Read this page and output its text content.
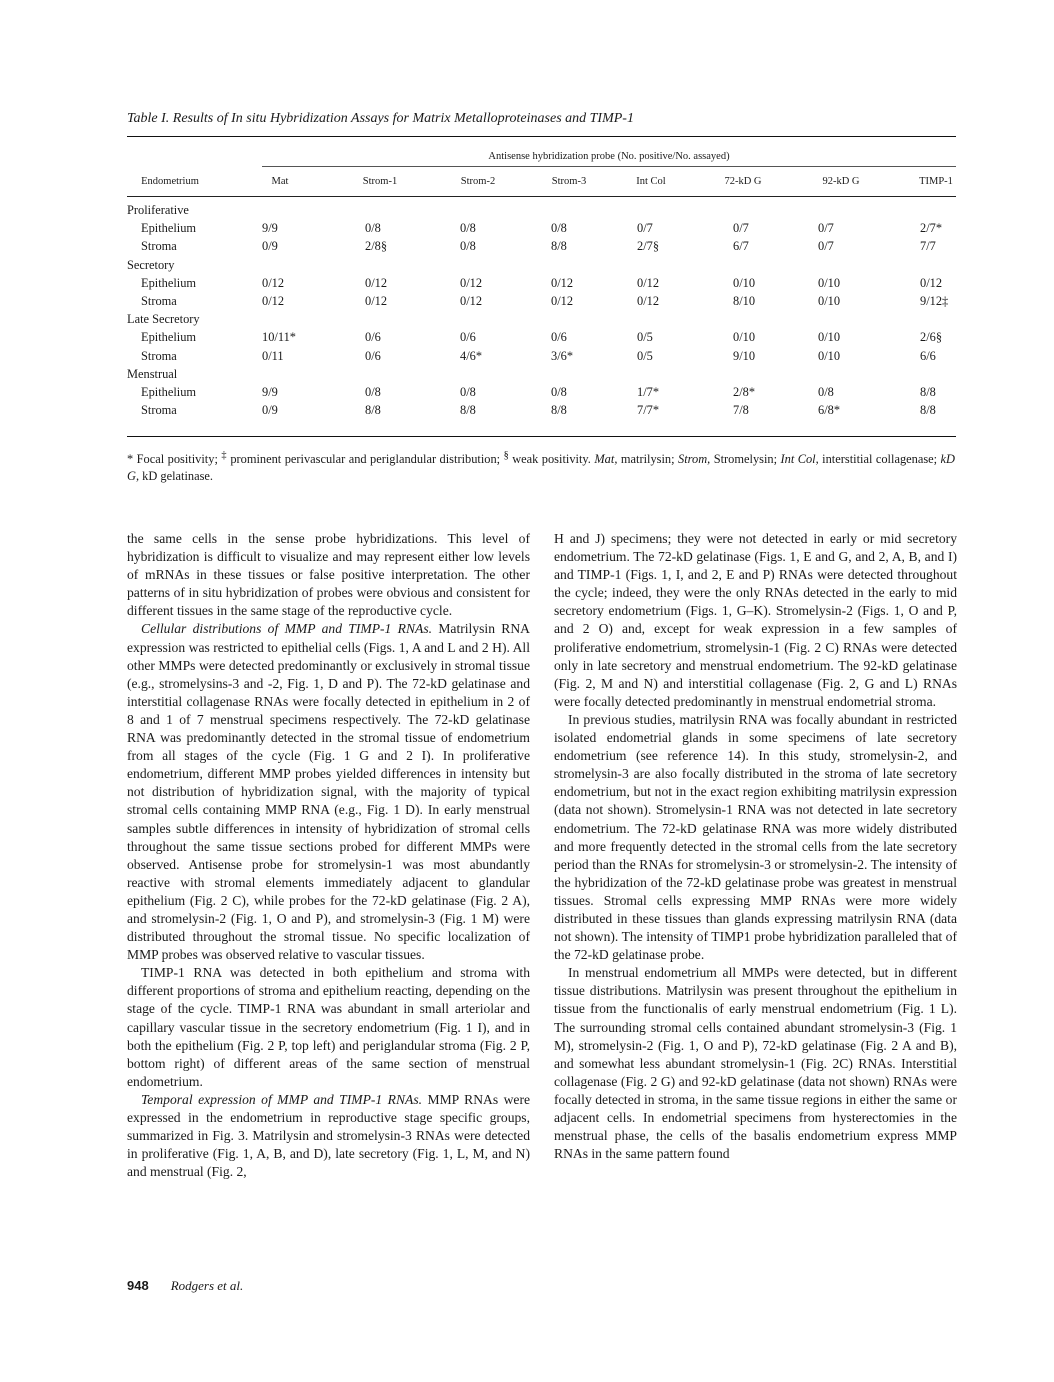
Table I. Results of In situ Hybridization Assays for Matrix Metalloproteinases and TIMP-1
Antisense hybridization probe (No. positive/No. assayed)
Endometrium	Mat	Strom-1	Strom-2	Strom-3	Int Col	72-kD G	92-kD G	TIMP-1
Proliferative
Epithelium	9/9	0/8	0/8	0/8	0/7	0/7	0/7	2/7*
Stroma	0/9	2/8§	0/8	8/8	2/7§	6/7	0/7	7/7
Secretory
Epithelium	0/12	0/12	0/12	0/12	0/12	0/10	0/10	0/12
Stroma	0/12	0/12	0/12	0/12	0/12	8/10	0/10	9/12‡
Late Secretory
Epithelium	10/11*	0/6	0/6	0/6	0/5	0/10	0/10	2/6§
Stroma	0/11	0/6	4/6*	3/6*	0/5	9/10	0/10	6/6
Menstrual
Epithelium	9/9	0/8	0/8	0/8	1/7*	2/8*	0/8	8/8
Stroma	0/9	8/8	8/8	8/8	7/7*	7/8	6/8*	8/8
* Focal positivity; ‡ prominent perivascular and periglandular distribution; § weak positivity. Mat, matrilysin; Strom, Stromelysin; Int Col, interstitial collagenase; kD G, kD gelatinase.

the same cells in the sense probe hybridizations. This level of hybridization is difficult to visualize and may represent either low levels of mRNAs in these tissues or false positive interpretation. The other patterns of in situ hybridization of probes were obvious and consistent for different tissues in the same stage of the reproductive cycle.

Cellular distributions of MMP and TIMP-1 RNAs. Matrilysin RNA expression was restricted to epithelial cells (Figs. 1, A and L and 2 H). All other MMPs were detected predominantly or exclusively in stromal tissue (e.g., stromelysins-3 and -2, Fig. 1, D and P). The 72-kD gelatinase and interstitial collagenase RNAs were focally detected in epithelium in 2 of 8 and 1 of 7 menstrual specimens respectively. The 72-kD gelatinase RNA was predominantly detected in the stromal tissue of endometrium from all stages of the cycle (Fig. 1 G and 2 I). In proliferative endometrium, different MMP probes yielded differences in intensity but not distribution of hybridization signal, with the majority of typical stromal cells containing MMP RNA (e.g., Fig. 1 D). In early menstrual samples subtle differences in intensity of hybridization of stromal cells throughout the same tissue sections probed for different MMPs were observed. Antisense probe for stromelysin-1 was most abundantly reactive with stromal elements immediately adjacent to glandular epithelium (Fig. 2 C), while probes for the 72-kD gelatinase (Fig. 2 A), and stromelysin-2 (Fig. 1, O and P), and stromelysin-3 (Fig. 1 M) were distributed throughout the stromal tissue. No specific localization of MMP probes was observed relative to vascular tissues.

TIMP-1 RNA was detected in both epithelium and stroma with different proportions of stroma and epithelium reacting, depending on the stage of the cycle. TIMP-1 RNA was abundant in small arteriolar and capillary vascular tissue in the secretory endometrium (Fig. 1 I), and in both the epithelium (Fig. 2 P, top left) and periglandular stroma (Fig. 2 P, bottom right) of different areas of the same section of menstrual endometrium.

Temporal expression of MMP and TIMP-1 RNAs. MMP RNAs were expressed in the endometrium in reproductive stage specific groups, summarized in Fig. 3. Matrilysin and stromelysin-3 RNAs were detected in proliferative (Fig. 1, A, B, and D), late secretory (Fig. 1, L, M, and N) and menstrual (Fig. 2,

H and J) specimens; they were not detected in early or mid secretory endometrium. The 72-kD gelatinase (Figs. 1, E and G, and 2, A, B, and I) and TIMP-1 (Figs. 1, I, and 2, E and P) RNAs were detected throughout the cycle; indeed, they were the only RNAs detected in the early to mid secretory endometrium (Figs. 1, G–K). Stromelysin-2 (Figs. 1, O and P, and 2 O) and, except for weak expression in a few samples of proliferative endometrium, stromelysin-1 (Fig. 2 C) RNAs were detected only in late secretory and menstrual endometrium. The 92-kD gelatinase (Fig. 2, M and N) and interstitial collagenase (Fig. 2, G and L) RNAs were focally detected predominantly in menstrual endometrial stroma.

In previous studies, matrilysin RNA was focally abundant in restricted isolated endometrial glands in some specimens of late secretory endometrium (see reference 14). In this study, stromelysin-2, and stromelysin-3 are also focally distributed in the stroma of late secretory endometrium, but not in the exact region exhibiting matrilysin expression (data not shown). Stromelysin-1 RNA was not detected in late secretory endometrium. The 72-kD gelatinase RNA was more widely distributed and more frequently detected in the stromal cells from the late secretory period than the RNAs for stromelysin-3 or stromelysin-2. The intensity of the hybridization of the 72-kD gelatinase probe was greatest in menstrual tissues. Stromal cells expressing MMP RNAs were more widely distributed in these tissues than glands expressing matrilysin RNA (data not shown). The intensity of TIMP1 probe hybridization paralleled that of the 72-kD gelatinase probe.

In menstrual endometrium all MMPs were detected, but in different tissue distributions. Matrilysin was present throughout the epithelium in tissue from the functionalis of early menstrual endometrium (Fig. 1 L). The surrounding stromal cells contained abundant stromelysin-3 (Fig. 1 M), stromelysin-2 (Fig. 1, O and P), 72-kD gelatinase (Fig. 2 A and B), and somewhat less abundant stromelysin-1 (Fig. 2C) RNAs. Interstitial collagenase (Fig. 2 G) and 92-kD gelatinase (data not shown) RNAs were focally detected in stroma, in the same tissue regions in either the same or adjacent cells. In endometrial specimens from hysterectomies in the menstrual phase, the cells of the basalis endometrium express MMP RNAs in the same pattern found

948 Rodgers et al.
